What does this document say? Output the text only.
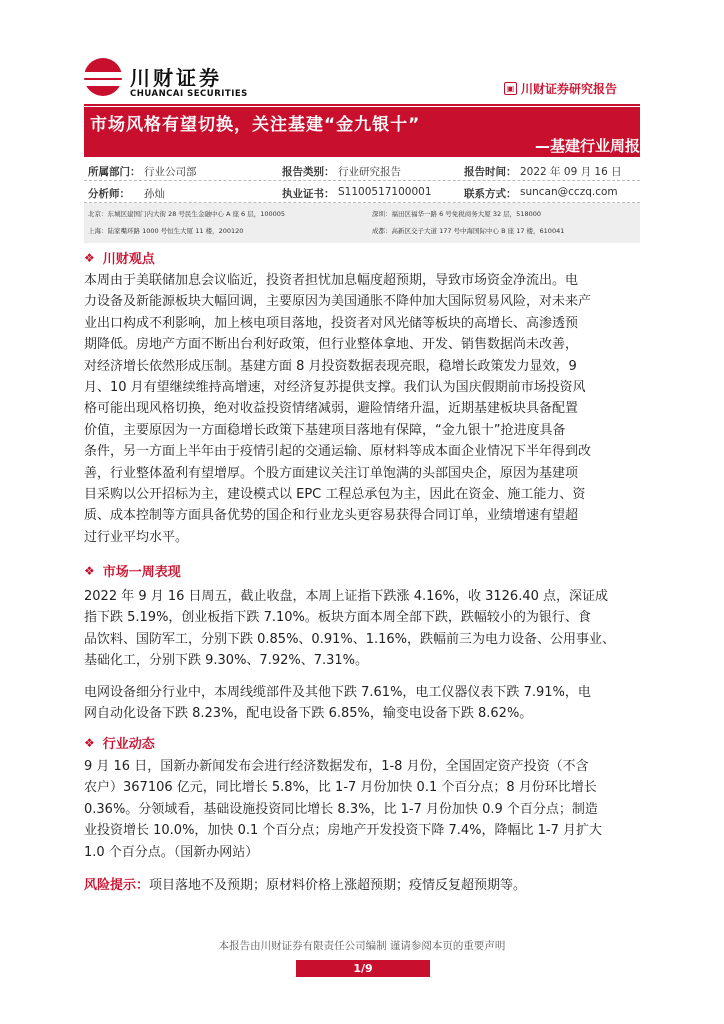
川财证券
CHUANCAI SECURITIES
▣ 川财证券研究报告
市场风格有望切换，关注基建“金九银十”
—基建行业周报
所属部门： 行业公司部	报告类别： 行业研究报告	报告时间： 2022 年 09 月 16 日
分析师： 孙灿	执业证书： S1100517100001	联系方式： suncan@cczq.com
北京：东城区建国门内大街 28 号民生金融中心 A 座 6 层，100005	深圳：福田区福华一路 6 号免税商务大厦 32 层，518000
上海：陆家嘴环路 1000 号恒生大厦 11 楼，200120	成都：高新区交子大道 177 号中海国际中心 B 座 17 楼，610041
❖ 川财观点
本周由于美联储加息会议临近，投资者担忧加息幅度超预期，导致市场资金净流出。电
力设备及新能源板块大幅回调，主要原因为美国通胀不降仲加大国际贸易风险，对未来产
业出口构成不利影响，加上核电项目落地，投资者对风光储等板块的高增长、高渗透预
期降低。房地产方面不断出台利好政策，但行业整体拿地、开发、销售数据尚未改善，
对经济增长依然形成压制。基建方面 8 月投资数据表现亮眼，稳增长政策发力显效，9
月、10 月有望继续维持高增速，对经济复苏提供支撑。我们认为国庆假期前市场投资风
格可能出现风格切换，绝对收益投资情绪减弱，避险情绪升温，近期基建板块具备配置
价值，主要原因为一方面稳增长政策下基建项目落地有保障，“金九银十”抢进度具备
条件，另一方面上半年由于疫情引起的交通运输、原材料等成本面企业情况下半年得到改
善，行业整体盈利有望增厚。个股方面建议关注订单饱满的头部国央企，原因为基建项
目采购以公开招标为主，建设模式以 EPC 工程总承包为主，因此在资金、施工能力、资
质、成本控制等方面具备优势的国企和行业龙头更容易获得合同订单，业绩增速有望超
过行业平均水平。
❖ 市场一周表现
2022 年 9 月 16 日周五，截止收盘，本周上证指下跌涨 4.16%，收 3126.40 点，深证成
指下跌 5.19%，创业板指下跌 7.10%。板块方面本周全部下跌，跌幅较小的为银行、食
品饮料、国防军工，分别下跌 0.85%、0.91%、1.16%，跌幅前三为电力设备、公用事业、
基础化工，分别下跌 9.30%、7.92%、7.31%。
电网设备细分行业中，本周线缆部件及其他下跌 7.61%，电工仪器仪表下跌 7.91%，电
网自动化设备下跌 8.23%，配电设备下跌 6.85%，输变电设备下跌 8.62%。
❖ 行业动态
9 月 16 日，国新办新闻发布会进行经济数据发布，1-8 月份，全国固定资产投资（不含
农户）367106 亿元，同比增长 5.8%，比 1-7 月份加快 0.1 个百分点；8 月份环比增长
0.36%。分领域看，基础设施投资同比增长 8.3%，比 1-7 月份加快 0.9 个百分点；制造
业投资增长 10.0%，加快 0.1 个百分点；房地产开发投资下降 7.4%，降幅比 1-7 月扩大
1.0 个百分点。（国新办网站）
风险提示：项目落地不及预期；原材料价格上涨超预期；疫情反复超预期等。
本报告由川财证券有限责任公司编制 谨请参阅本页的重要声明
1/9
